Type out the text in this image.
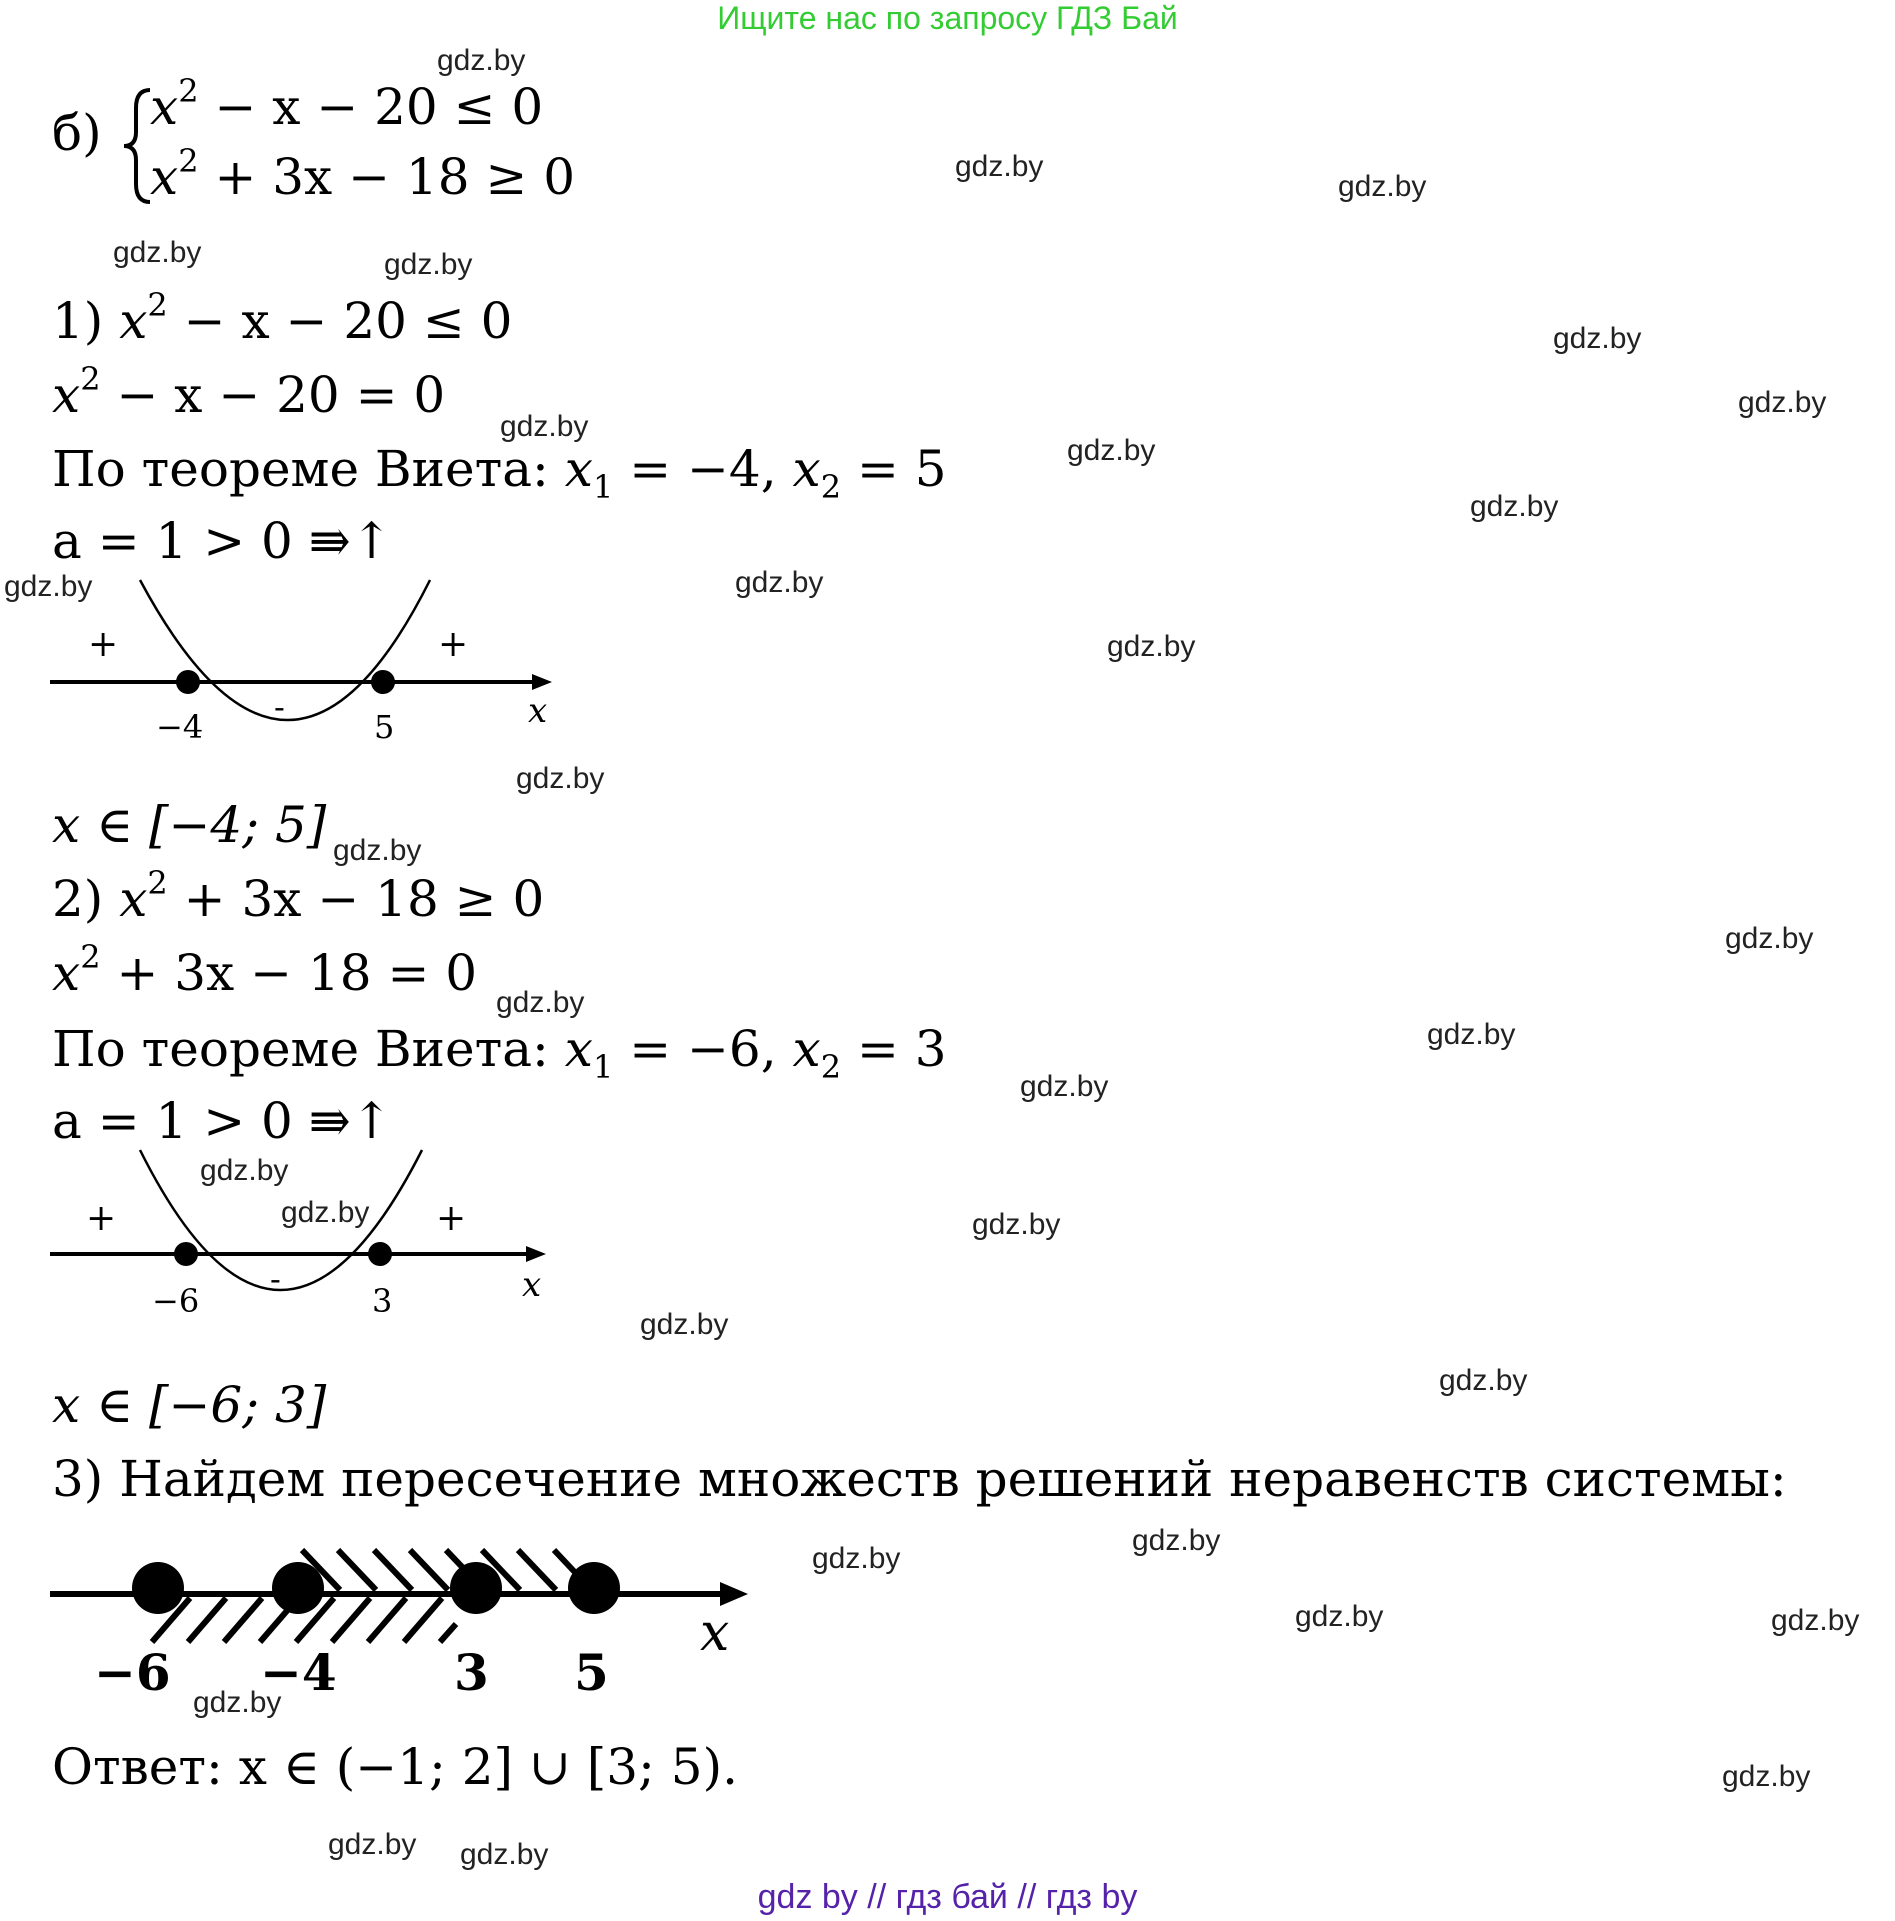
Ищите нас по запросу ГДЗ Бай
б) $x^2 - x - 20 \le 0$
$x^2 + 3x - 18 \ge 0$
1) $x^2 - x - 20 \le 0$
$x^2 - x - 20 = 0$
По теореме Виета: $x_1 = -4$, $x_2 = 5$
a = 1 > 0 ⇛↑
+	+
-
−4	5	x
x ∈ [−4; 5]
2) $x^2 + 3x - 18 \ge 0$
$x^2 + 3x - 18 = 0$
По теореме Виета: $x_1 = -6$, $x_2 = 3$
a = 1 > 0 ⇛↑
+	+
-
−6	3	x
x ∈ [−6; 3]
3) Найдем пересечение множеств решений неравенств системы:
x
−6 −4 3 5
Ответ: x ∈ (−1; 2] ∪ [3; 5).
gdz.by
gdz.by
gdz.by
gdz.by	gdz.by
gdz.by
gdz.by
gdz.by
gdz.by
gdz.by
gdz.by	gdz.by
gdz.by
gdz.by
gdz.by
gdz.by
gdz.by
gdz.by
gdz.by
gdz.by
gdz.by	gdz.by
gdz.by
gdz.by
gdz.by
gdz.by
gdz.by	gdz.by
gdz.by
gdz.by
gdz.by gdz.by
gdz by // гдз бай // гдз by
